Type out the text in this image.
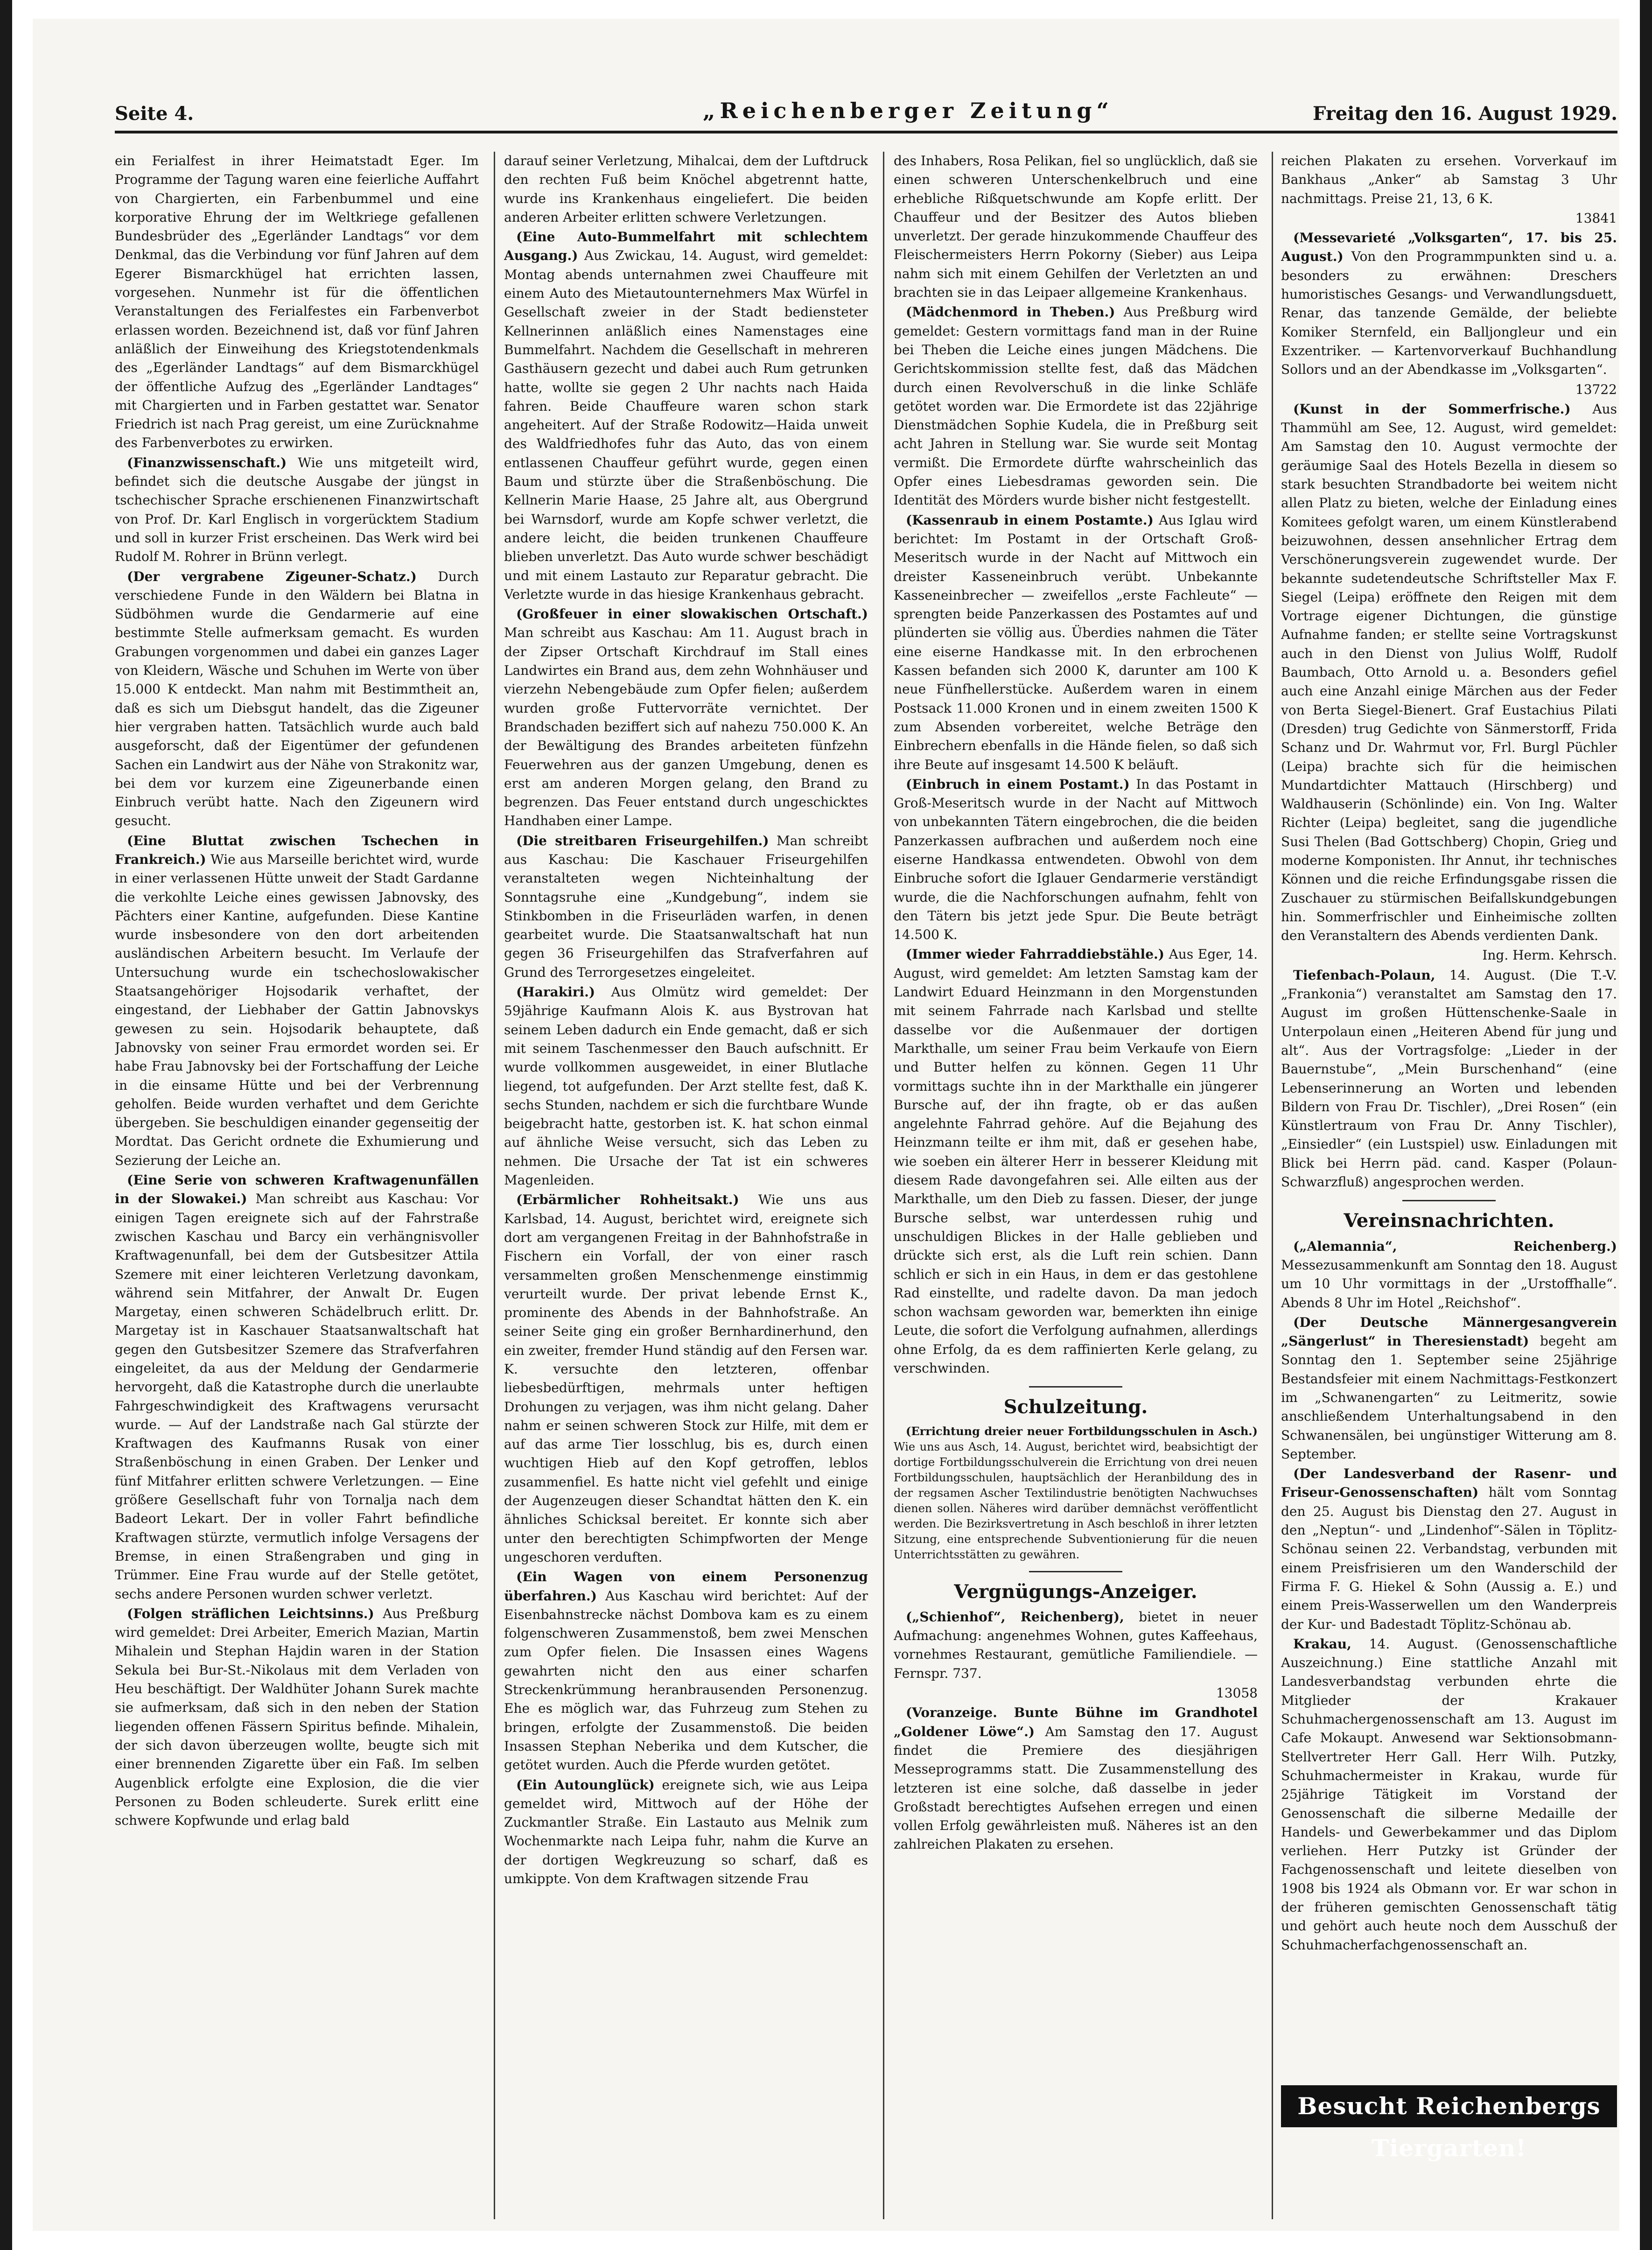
Seite 4.	„Reichenberger Zeitung“	Freitag den 16. August 1929.

ein Ferialfest in ihrer Heimatstadt Eger. Im Programme der Tagung waren eine feierliche Auffahrt von Chargierten, ein Farbenbummel und eine korporative Ehrung der im Weltkriege gefallenen Bundesbrüder des „Egerländer Landtags“ vor dem Denkmal, das die Verbindung vor fünf Jahren auf dem Egerer Bismarckhügel hat errichten lassen, vorgesehen. Nunmehr ist für die öffentlichen Veranstaltungen des Ferialfestes ein Farbenverbot erlassen worden. Bezeichnend ist, daß vor fünf Jahren anläßlich der Einweihung des Kriegstotendenkmals des „Egerländer Landtags“ auf dem Bismarckhügel der öffentliche Aufzug des „Egerländer Landtages“ mit Chargierten und in Farben gestattet war. Senator Friedrich ist nach Prag gereist, um eine Zurücknahme des Farbenverbotes zu erwirken.

(Finanzwissenschaft.) Wie uns mitgeteilt wird, befindet sich die deutsche Ausgabe der jüngst in tschechischer Sprache erschienenen Finanzwirtschaft von Prof. Dr. Karl Englisch in vorgerücktem Stadium und soll in kurzer Frist erscheinen. Das Werk wird bei Rudolf M. Rohrer in Brünn verlegt.

(Der vergrabene Zigeuner-Schatz.) Durch verschiedene Funde in den Wäldern bei Blatna in Südböhmen wurde die Gendarmerie auf eine bestimmte Stelle aufmerksam gemacht. Es wurden Grabungen vorgenommen und dabei ein ganzes Lager von Kleidern, Wäsche und Schuhen im Werte von über 15.000 K entdeckt. Man nahm mit Bestimmtheit an, daß es sich um Diebsgut handelt, das die Zigeuner hier vergraben hatten. Tatsächlich wurde auch bald ausgeforscht, daß der Eigentümer der gefundenen Sachen ein Landwirt aus der Nähe von Strakonitz war, bei dem vor kurzem eine Zigeunerbande einen Einbruch verübt hatte. Nach den Zigeunern wird gesucht.

(Eine Bluttat zwischen Tschechen in Frankreich.) Wie aus Marseille berichtet wird, wurde in einer verlassenen Hütte unweit der Stadt Gardanne die verkohlte Leiche eines gewissen Jabnovsky, des Pächters einer Kantine, aufgefunden. Diese Kantine wurde insbesondere von den dort arbeitenden ausländischen Arbeitern besucht. Im Verlaufe der Untersuchung wurde ein tschechoslowakischer Staatsangehöriger Hojsodarik verhaftet, der eingestand, der Liebhaber der Gattin Jabnovskys gewesen zu sein. Hojsodarik behauptete, daß Jabnovsky von seiner Frau ermordet worden sei. Er habe Frau Jabnovsky bei der Fortschaffung der Leiche in die einsame Hütte und bei der Verbrennung geholfen. Beide wurden verhaftet und dem Gerichte übergeben. Sie beschuldigen einander gegenseitig der Mordtat. Das Gericht ordnete die Exhumierung und Sezierung der Leiche an.

(Eine Serie von schweren Kraftwagenunfällen in der Slowakei.) Man schreibt aus Kaschau: Vor einigen Tagen ereignete sich auf der Fahrstraße zwischen Kaschau und Barcy ein verhängnisvoller Kraftwagenunfall, bei dem der Gutsbesitzer Attila Szemere mit einer leichteren Verletzung davonkam, während sein Mitfahrer, der Anwalt Dr. Eugen Margetay, einen schweren Schädelbruch erlitt. Dr. Margetay ist in Kaschauer Staatsanwaltschaft hat gegen den Gutsbesitzer Szemere das Strafverfahren eingeleitet, da aus der Meldung der Gendarmerie hervorgeht, daß die Katastrophe durch die unerlaubte Fahrgeschwindigkeit des Kraftwagens verursacht wurde. — Auf der Landstraße nach Gal stürzte der Kraftwagen des Kaufmanns Rusak von einer Straßenböschung in einen Graben. Der Lenker und fünf Mitfahrer erlitten schwere Verletzungen. — Eine größere Gesellschaft fuhr von Tornalja nach dem Badeort Lekart. Der in voller Fahrt befindliche Kraftwagen stürzte, vermutlich infolge Versagens der Bremse, in einen Straßengraben und ging in Trümmer. Eine Frau wurde auf der Stelle getötet, sechs andere Personen wurden schwer verletzt.

(Folgen sträflichen Leichtsinns.) Aus Preßburg wird gemeldet: Drei Arbeiter, Emerich Mazian, Martin Mihalein und Stephan Hajdin waren in der Station Sekula bei Bur-St.-Nikolaus mit dem Verladen von Heu beschäftigt. Der Waldhüter Johann Surek machte sie aufmerksam, daß sich in den neben der Station liegenden offenen Fässern Spiritus befinde. Mihalein, der sich davon überzeugen wollte, beugte sich mit einer brennenden Zigarette über ein Faß. Im selben Augenblick erfolgte eine Explosion, die die vier Personen zu Boden schleuderte. Surek erlitt eine schwere Kopfwunde und erlag bald

darauf seiner Verletzung, Mihalcai, dem der Luftdruck den rechten Fuß beim Knöchel abgetrennt hatte, wurde ins Krankenhaus eingeliefert. Die beiden anderen Arbeiter erlitten schwere Verletzungen.

(Eine Auto-Bummelfahrt mit schlechtem Ausgang.) Aus Zwickau, 14. August, wird gemeldet: Montag abends unternahmen zwei Chauffeure mit einem Auto des Mietautounternehmers Max Würfel in Gesellschaft zweier in der Stadt bediensteter Kellnerinnen anläßlich eines Namenstages eine Bummelfahrt. Nachdem die Gesellschaft in mehreren Gasthäusern gezecht und dabei auch Rum getrunken hatte, wollte sie gegen 2 Uhr nachts nach Haida fahren. Beide Chauffeure waren schon stark angeheitert. Auf der Straße Rodowitz—Haida unweit des Waldfriedhofes fuhr das Auto, das von einem entlassenen Chauffeur geführt wurde, gegen einen Baum und stürzte über die Straßenböschung. Die Kellnerin Marie Haase, 25 Jahre alt, aus Obergrund bei Warnsdorf, wurde am Kopfe schwer verletzt, die andere leicht, die beiden trunkenen Chauffeure blieben unverletzt. Das Auto wurde schwer beschädigt und mit einem Lastauto zur Reparatur gebracht. Die Verletzte wurde in das hiesige Krankenhaus gebracht.

(Großfeuer in einer slowakischen Ortschaft.) Man schreibt aus Kaschau: Am 11. August brach in der Zipser Ortschaft Kirchdrauf im Stall eines Landwirtes ein Brand aus, dem zehn Wohnhäuser und vierzehn Nebengebäude zum Opfer fielen; außerdem wurden große Futtervorräte vernichtet. Der Brandschaden beziffert sich auf nahezu 750.000 K. An der Bewältigung des Brandes arbeiteten fünfzehn Feuerwehren aus der ganzen Umgebung, denen es erst am anderen Morgen gelang, den Brand zu begrenzen. Das Feuer entstand durch ungeschicktes Handhaben einer Lampe.

(Die streitbaren Friseurgehilfen.) Man schreibt aus Kaschau: Die Kaschauer Friseurgehilfen veranstalteten wegen Nichteinhaltung der Sonntagsruhe eine „Kundgebung“, indem sie Stinkbomben in die Friseurläden warfen, in denen gearbeitet wurde. Die Staatsanwaltschaft hat nun gegen 36 Friseurgehilfen das Strafverfahren auf Grund des Terrorgesetzes eingeleitet.

(Harakiri.) Aus Olmütz wird gemeldet: Der 59jährige Kaufmann Alois K. aus Bystrovan hat seinem Leben dadurch ein Ende gemacht, daß er sich mit seinem Taschenmesser den Bauch aufschnitt. Er wurde vollkommen ausgeweidet, in einer Blutlache liegend, tot aufgefunden. Der Arzt stellte fest, daß K. sechs Stunden, nachdem er sich die furchtbare Wunde beigebracht hatte, gestorben ist. K. hat schon einmal auf ähnliche Weise versucht, sich das Leben zu nehmen. Die Ursache der Tat ist ein schweres Magenleiden.

(Erbärmlicher Rohheitsakt.) Wie uns aus Karlsbad, 14. August, berichtet wird, ereignete sich dort am vergangenen Freitag in der Bahnhofstraße in Fischern ein Vorfall, der von einer rasch versammelten großen Menschenmenge einstimmig verurteilt wurde. Der privat lebende Ernst K., prominente des Abends in der Bahnhofstraße. An seiner Seite ging ein großer Bernhardinerhund, den ein zweiter, fremder Hund ständig auf den Fersen war. K. versuchte den letzteren, offenbar liebesbedürftigen, mehrmals unter heftigen Drohungen zu verjagen, was ihm nicht gelang. Daher nahm er seinen schweren Stock zur Hilfe, mit dem er auf das arme Tier losschlug, bis es, durch einen wuchtigen Hieb auf den Kopf getroffen, leblos zusammenfiel. Es hatte nicht viel gefehlt und einige der Augenzeugen dieser Schandtat hätten den K. ein ähnliches Schicksal bereitet. Er konnte sich aber unter den berechtigten Schimpfworten der Menge ungeschoren verduften.

(Ein Wagen von einem Personenzug überfahren.) Aus Kaschau wird berichtet: Auf der Eisenbahnstrecke nächst Dombova kam es zu einem folgenschweren Zusammenstoß, bem zwei Menschen zum Opfer fielen. Die Insassen eines Wagens gewahrten nicht den aus einer scharfen Streckenkrümmung heranbrausenden Personenzug. Ehe es möglich war, das Fuhrzeug zum Stehen zu bringen, erfolgte der Zusammenstoß. Die beiden Insassen Stephan Neberika und dem Kutscher, die getötet wurden. Auch die Pferde wurden getötet.

(Ein Autounglück) ereignete sich, wie aus Leipa gemeldet wird, Mittwoch auf der Höhe der Zuckmantler Straße. Ein Lastauto aus Melnik zum Wochenmarkte nach Leipa fuhr, nahm die Kurve an der dortigen Wegkreuzung so scharf, daß es umkippte. Von dem Kraftwagen sitzende Frau

des Inhabers, Rosa Pelikan, fiel so unglücklich, daß sie einen schweren Unterschenkelbruch und eine erhebliche Rißquetschwunde am Kopfe erlitt. Der Chauffeur und der Besitzer des Autos blieben unverletzt. Der gerade hinzukommende Chauffeur des Fleischermeisters Herrn Pokorny (Sieber) aus Leipa nahm sich mit einem Gehilfen der Verletzten an und brachten sie in das Leipaer allgemeine Krankenhaus.

(Mädchenmord in Theben.) Aus Preßburg wird gemeldet: Gestern vormittags fand man in der Ruine bei Theben die Leiche eines jungen Mädchens. Die Gerichtskommission stellte fest, daß das Mädchen durch einen Revolverschuß in die linke Schläfe getötet worden war. Die Ermordete ist das 22jährige Dienstmädchen Sophie Kudela, die in Preßburg seit acht Jahren in Stellung war. Sie wurde seit Montag vermißt. Die Ermordete dürfte wahrscheinlich das Opfer eines Liebesdramas geworden sein. Die Identität des Mörders wurde bisher nicht festgestellt.

(Kassenraub in einem Postamte.) Aus Iglau wird berichtet: Im Postamt in der Ortschaft Groß-Meseritsch wurde in der Nacht auf Mittwoch ein dreister Kasseneinbruch verübt. Unbekannte Kasseneinbrecher — zweifellos „erste Fachleute“ — sprengten beide Panzerkassen des Postamtes auf und plünderten sie völlig aus. Überdies nahmen die Täter eine eiserne Handkasse mit. In den erbrochenen Kassen befanden sich 2000 K, darunter am 100 K neue Fünfhellerstücke. Außerdem waren in einem Postsack 11.000 Kronen und in einem zweiten 1500 K zum Absenden vorbereitet, welche Beträge den Einbrechern ebenfalls in die Hände fielen, so daß sich ihre Beute auf insgesamt 14.500 K beläuft.

(Einbruch in einem Postamt.) In das Postamt in Groß-Meseritsch wurde in der Nacht auf Mittwoch von unbekannten Tätern eingebrochen, die die beiden Panzerkassen aufbrachen und außerdem noch eine eiserne Handkassa entwendeten. Obwohl von dem Einbruche sofort die Iglauer Gendarmerie verständigt wurde, die die Nachforschungen aufnahm, fehlt von den Tätern bis jetzt jede Spur. Die Beute beträgt 14.500 K.

(Immer wieder Fahrraddiebstähle.) Aus Eger, 14. August, wird gemeldet: Am letzten Samstag kam der Landwirt Eduard Heinzmann in den Morgenstunden mit seinem Fahrrade nach Karlsbad und stellte dasselbe vor die Außenmauer der dortigen Markthalle, um seiner Frau beim Verkaufe von Eiern und Butter helfen zu können. Gegen 11 Uhr vormittags suchte ihn in der Markthalle ein jüngerer Bursche auf, der ihn fragte, ob er das außen angelehnte Fahrrad gehöre. Auf die Bejahung des Heinzmann teilte er ihm mit, daß er gesehen habe, wie soeben ein älterer Herr in besserer Kleidung mit diesem Rade davongefahren sei. Alle eilten aus der Markthalle, um den Dieb zu fassen. Dieser, der junge Bursche selbst, war unterdessen ruhig und unschuldigen Blickes in der Halle geblieben und drückte sich erst, als die Luft rein schien. Dann schlich er sich in ein Haus, in dem er das gestohlene Rad einstellte, und radelte davon. Da man jedoch schon wachsam geworden war, bemerkten ihn einige Leute, die sofort die Verfolgung aufnahmen, allerdings ohne Erfolg, da es dem raffinierten Kerle gelang, zu verschwinden.

Schulzeitung.

(Errichtung dreier neuer Fortbildungsschulen in Asch.) Wie uns aus Asch, 14. August, berichtet wird, beabsichtigt der dortige Fortbildungsschulverein die Errichtung von drei neuen Fortbildungsschulen, hauptsächlich der Heranbildung des in der regsamen Ascher Textilindustrie benötigten Nachwuchses dienen sollen. Näheres wird darüber demnächst veröffentlicht werden. Die Bezirksvertretung in Asch beschloß in ihrer letzten Sitzung, eine entsprechende Subventionierung für die neuen Unterrichtsstätten zu gewähren.

Vergnügungs-Anzeiger.

(„Schienhof“, Reichenberg), bietet in neuer Aufmachung: angenehmes Wohnen, gutes Kaffeehaus, vornehmes Restaurant, gemütliche Familiendiele. — Fernspr. 737.

13058

(Voranzeige. Bunte Bühne im Grandhotel „Goldener Löwe“.) Am Samstag den 17. August findet die Premiere des diesjährigen Messeprogramms statt. Die Zusammenstellung des letzteren ist eine solche, daß dasselbe in jeder Großstadt berechtigtes Aufsehen erregen und einen vollen Erfolg gewährleisten muß. Näheres ist an den zahlreichen Plakaten zu ersehen.

reichen Plakaten zu ersehen. Vorverkauf im Bankhaus „Anker“ ab Samstag 3 Uhr nachmittags. Preise 21, 13, 6 K.

13841

(Messevarieté „Volksgarten“, 17. bis 25. August.) Von den Programmpunkten sind u. a. besonders zu erwähnen: Dreschers humoristisches Gesangs- und Verwandlungsduett, Renar, das tanzende Gemälde, der beliebte Komiker Sternfeld, ein Balljongleur und ein Exzentriker. — Kartenvorverkauf Buchhandlung Sollors und an der Abendkasse im „Volksgarten“.

13722

(Kunst in der Sommerfrische.) Aus Thammühl am See, 12. August, wird gemeldet: Am Samstag den 10. August vermochte der geräumige Saal des Hotels Bezella in diesem so stark besuchten Strandbadorte bei weitem nicht allen Platz zu bieten, welche der Einladung eines Komitees gefolgt waren, um einem Künstlerabend beizuwohnen, dessen ansehnlicher Ertrag dem Verschönerungsverein zugewendet wurde. Der bekannte sudetendeutsche Schriftsteller Max F. Siegel (Leipa) eröffnete den Reigen mit dem Vortrage eigener Dichtungen, die günstige Aufnahme fanden; er stellte seine Vortragskunst auch in den Dienst von Julius Wolff, Rudolf Baumbach, Otto Arnold u. a. Besonders gefiel auch eine Anzahl einige Märchen aus der Feder von Berta Siegel-Bienert. Graf Eustachius Pilati (Dresden) trug Gedichte von Sänmerstorff, Frida Schanz und Dr. Wahrmut vor, Frl. Burgl Püchler (Leipa) brachte sich für die heimischen Mundartdichter Mattauch (Hirschberg) und Waldhauserin (Schönlinde) ein. Von Ing. Walter Richter (Leipa) begleitet, sang die jugendliche Susi Thelen (Bad Gottschberg) Chopin, Grieg und moderne Komponisten. Ihr Annut, ihr technisches Können und die reiche Erfindungsgabe rissen die Zuschauer zu stürmischen Beifallskundgebungen hin. Sommerfrischler und Einheimische zollten den Veranstaltern des Abends verdienten Dank.

Ing. Herm. Kehrsch.

Tiefenbach-Polaun, 14. August. (Die T.-V. „Frankonia“) veranstaltet am Samstag den 17. August im großen Hüttenschenke-Saale in Unterpolaun einen „Heiteren Abend für jung und alt“. Aus der Vortragsfolge: „Lieder in der Bauernstube“, „Mein Burschenhand“ (eine Lebenserinnerung an Worten und lebenden Bildern von Frau Dr. Tischler), „Drei Rosen“ (ein Künstlertraum von Frau Dr. Anny Tischler), „Einsiedler“ (ein Lustspiel) usw. Einladungen mit Blick bei Herrn päd. cand. Kasper (Polaun-Schwarzfluß) angesprochen werden.

Vereinsnachrichten.

(„Alemannia“, Reichenberg.) Messezusammenkunft am Sonntag den 18. August um 10 Uhr vormittags in der „Urstoffhalle“. Abends 8 Uhr im Hotel „Reichshof“.

(Der Deutsche Männergesangverein „Sängerlust“ in Theresienstadt) begeht am Sonntag den 1. September seine 25jährige Bestandsfeier mit einem Nachmittags-Festkonzert im „Schwanengarten“ zu Leitmeritz, sowie anschließendem Unterhaltungsabend in den Schwanensälen, bei ungünstiger Witterung am 8. September.

(Der Landesverband der Rasenr- und Friseur-Genossenschaften) hält vom Sonntag den 25. August bis Dienstag den 27. August in den „Neptun“- und „Lindenhof“-Sälen in Töplitz-Schönau seinen 22. Verbandstag, verbunden mit einem Preisfrisieren um den Wanderschild der Firma F. G. Hiekel & Sohn (Aussig a. E.) und einem Preis-Wasserwellen um den Wanderpreis der Kur- und Badestadt Töplitz-Schönau ab.

Krakau, 14. August. (Genossenschaftliche Auszeichnung.) Eine stattliche Anzahl mit Landesverbandstag verbunden ehrte die Mitglieder der Krakauer Schuhmachergenossenschaft am 13. August im Cafe Mokaupt. Anwesend war Sektionsobmann-Stellvertreter Herr Gall. Herr Wilh. Putzky, Schuhmachermeister in Krakau, wurde für 25jährige Tätigkeit im Vorstand der Genossenschaft die silberne Medaille der Handels- und Gewerbekammer und das Diplom verliehen. Herr Putzky ist Gründer der Fachgenossenschaft und leitete dieselben von 1908 bis 1924 als Obmann vor. Er war schon in der früheren gemischten Genossenschaft tätig und gehört auch heute noch dem Ausschuß der Schuhmacherfachgenossenschaft an.

Besucht Reichenbergs Tiergarten!
